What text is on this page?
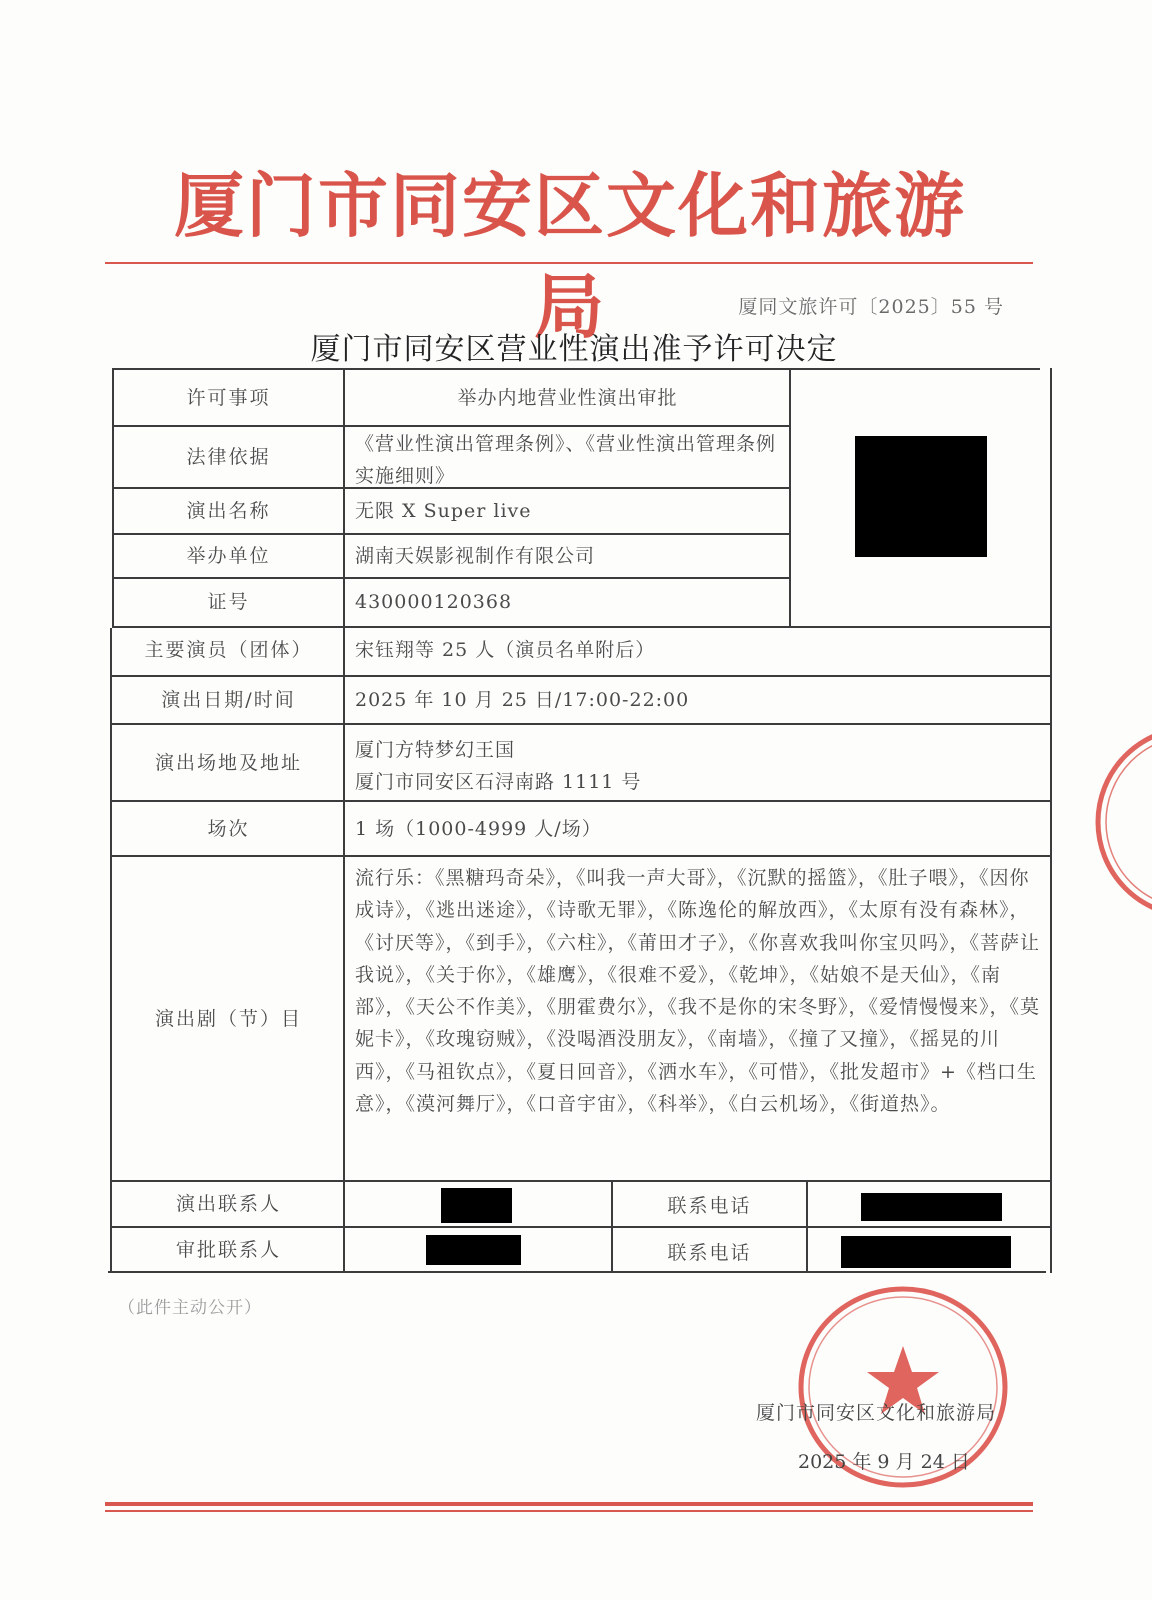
厦门市同安区文化和旅游局	厦同文旅许可〔2025〕55 号
厦门市同安区营业性演出准予许可决定
许可事项
法律依据
演出名称
举办单位
证号
主要演员（团体）
演出日期/时间
演出场地及地址
场次
演出剧（节）目
演出联系人
审批联系人
联系电话
联系电话
举办内地营业性演出审批
《营业性演出管理条例》、《营业性演出管理条例实施细则》
无限 X Super live
湖南天娱影视制作有限公司
430000120368
宋钰翔等 25 人（演员名单附后）
2025 年 10 月 25 日/17:00-22:00
厦门方特梦幻王国
厦门市同安区石浔南路 1111 号
1 场（1000-4999 人/场）
流行乐：《黑糖玛奇朵》，《叫我一声大哥》，《沉默的摇篮》，《肚子喂》，《因你成诗》，《逃出迷途》，《诗歌无罪》，《陈逸伦的解放西》，《太原有没有森林》，《讨厌等》，《到手》，《六柱》，《莆田才子》，《你喜欢我叫你宝贝吗》，《菩萨让我说》，《关于你》，《雄鹰》，《很难不爱》，《乾坤》，《姑娘不是天仙》，《南部》，《天公不作美》，《朋霍费尔》，《我不是你的宋冬野》，《爱情慢慢来》，《莫妮卡》，《玫瑰窃贼》，《没喝酒没朋友》，《南墙》，《撞了又撞》，《摇晃的川西》，《马祖钦点》，《夏日回音》，《洒水车》，《可惜》，《批发超市》+《档口生意》，《漠河舞厅》，《口音宇宙》，《科举》，《白云机场》，《街道热》。
（此件主动公开）
厦门市同安区文化和旅游局
2025 年 9 月 24 日
